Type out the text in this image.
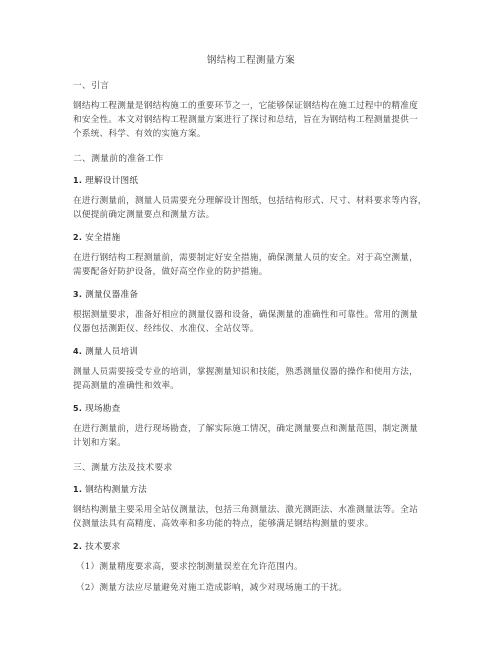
钢结构工程测量方案
一、引言
钢结构工程测量是钢结构施工的重要环节之一，它能够保证钢结构在施工过程中的精准度
和安全性。本文对钢结构工程测量方案进行了探讨和总结，旨在为钢结构工程测量提供一
个系统、科学、有效的实施方案。
二、测量前的准备工作
1. 理解设计图纸
在进行测量前，测量人员需要充分理解设计图纸，包括结构形式、尺寸、材料要求等内容，
以便提前确定测量要点和测量方法。
2. 安全措施
在进行钢结构工程测量前，需要制定好安全措施，确保测量人员的安全。对于高空测量，
需要配备好防护设备，做好高空作业的防护措施。
3. 测量仪器准备
根据测量要求，准备好相应的测量仪器和设备，确保测量的准确性和可靠性。常用的测量
仪器包括测距仪、经纬仪、水准仪、全站仪等。
4. 测量人员培训
测量人员需要接受专业的培训，掌握测量知识和技能，熟悉测量仪器的操作和使用方法，
提高测量的准确性和效率。
5. 现场勘查
在进行测量前，进行现场勘查，了解实际施工情况，确定测量要点和测量范围，制定测量
计划和方案。
三、测量方法及技术要求
1. 钢结构测量方法
钢结构测量主要采用全站仪测量法，包括三角测量法、激光测距法、水准测量法等。全站
仪测量法具有高精度、高效率和多功能的特点，能够满足钢结构测量的要求。
2. 技术要求
（1）测量精度要求高，要求控制测量误差在允许范围内。
（2）测量方法应尽量避免对施工造成影响，减少对现场施工的干扰。
